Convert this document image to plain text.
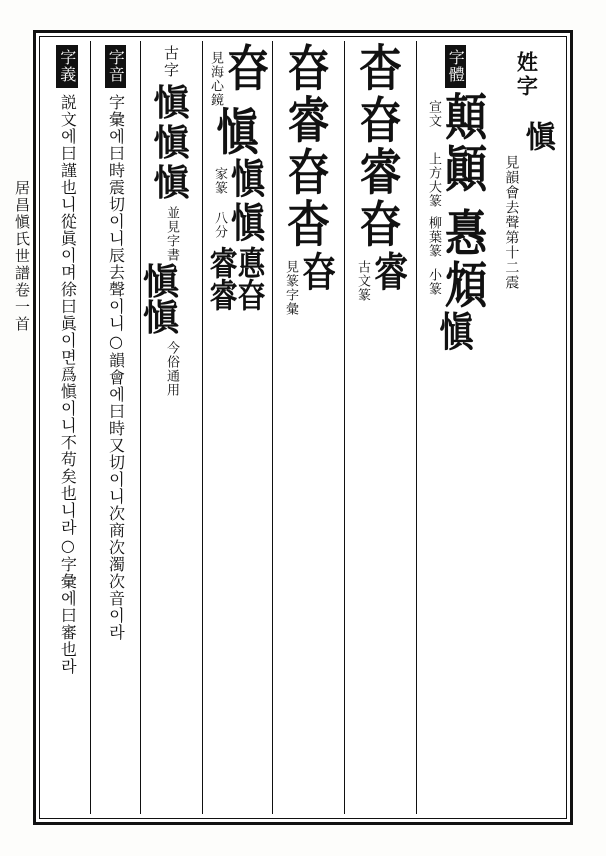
居昌愼氏世譜卷一首
姓字
愼
見韻會去聲第十二震
字體
顛
宣文
顚
上方大篆
㥲
柳葉篆
䪴
小篆
愼
杳
昚
睿
昚
睿
古文篆
昚
睿
昚
杳
昚
見篆字彙
昚
見海心鏡
愼
愼
家篆
愼
八分
睿悳睿昚
古字
愼
愼
愼
並見字書
愼愼
今俗通用
字音
字彙에曰時震切이니辰去聲이니○韻會에曰時又切이니次商次濁次音이라
字義
説文에曰謹也니從眞이며徐曰眞이면爲愼이니不苟矣也니라○字彙에曰審也라
